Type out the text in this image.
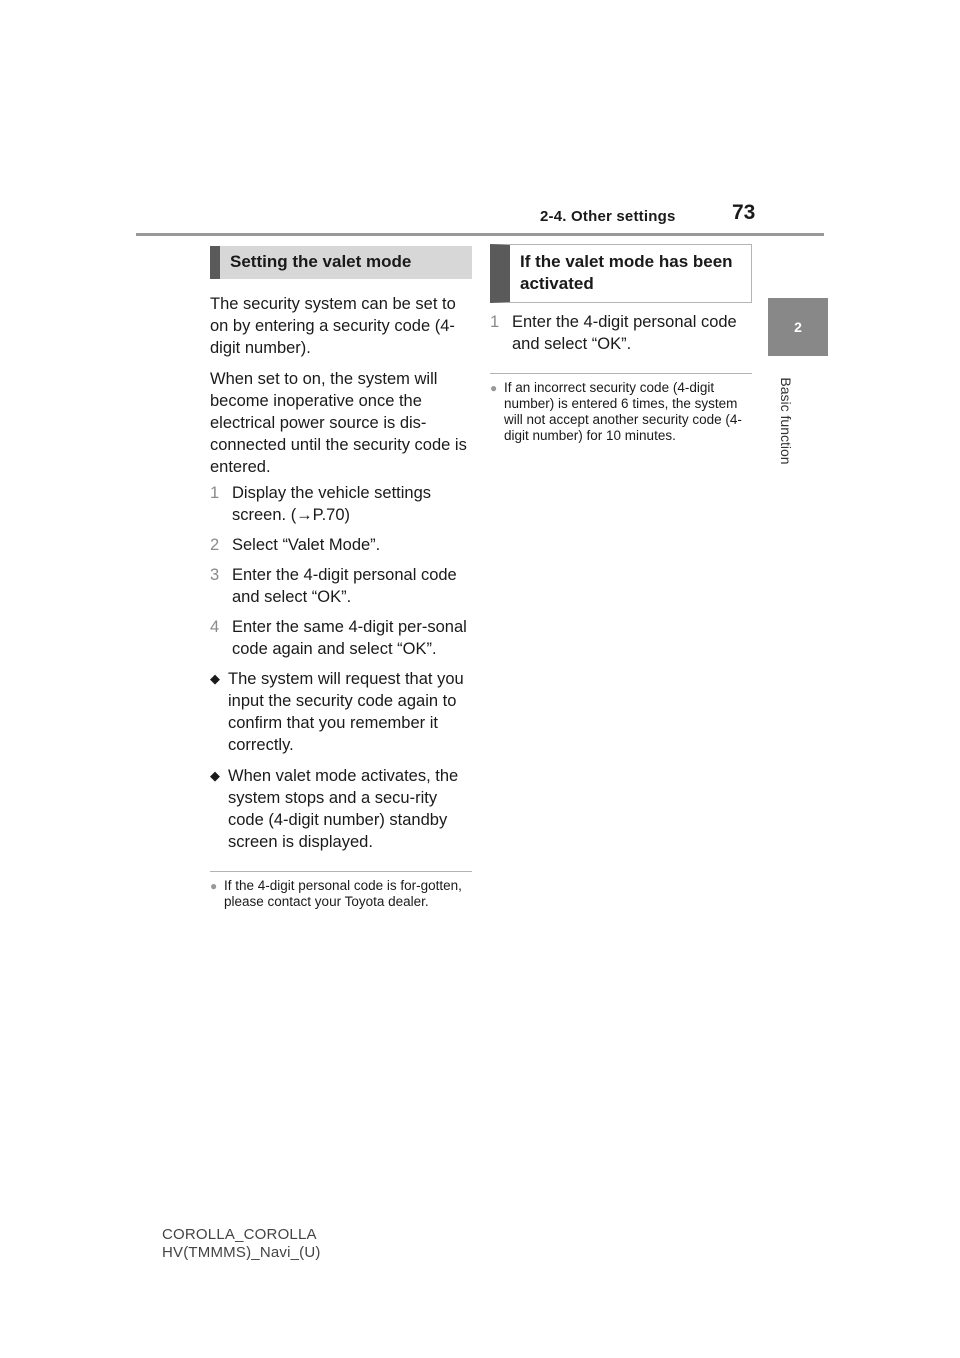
2-4. Other settings	73
2
Basic function
Setting the valet mode

The security system can be set to on by entering a security code (4-digit number).

When set to on, the system will become inoperative once the electrical power source is dis-connected until the security code is entered.

1 Display the vehicle settings screen. (→P.70)
2 Select “Valet Mode”.
3 Enter the 4-digit personal code and select “OK”.
4 Enter the same 4-digit per-sonal code again and select “OK”.
◆ The system will request that you input the security code again to confirm that you remember it correctly.
◆ When valet mode activates, the system stops and a secu-rity code (4-digit number) standby screen is displayed.
● If the 4-digit personal code is for-gotten, please contact your Toyota dealer.
If the valet mode has been activated
1 Enter the 4-digit personal code and select “OK”.
● If an incorrect security code (4-digit number) is entered 6 times, the system will not accept another security code (4-digit number) for 10 minutes.
COROLLA_COROLLA
HV(TMMMS)_Navi_(U)
